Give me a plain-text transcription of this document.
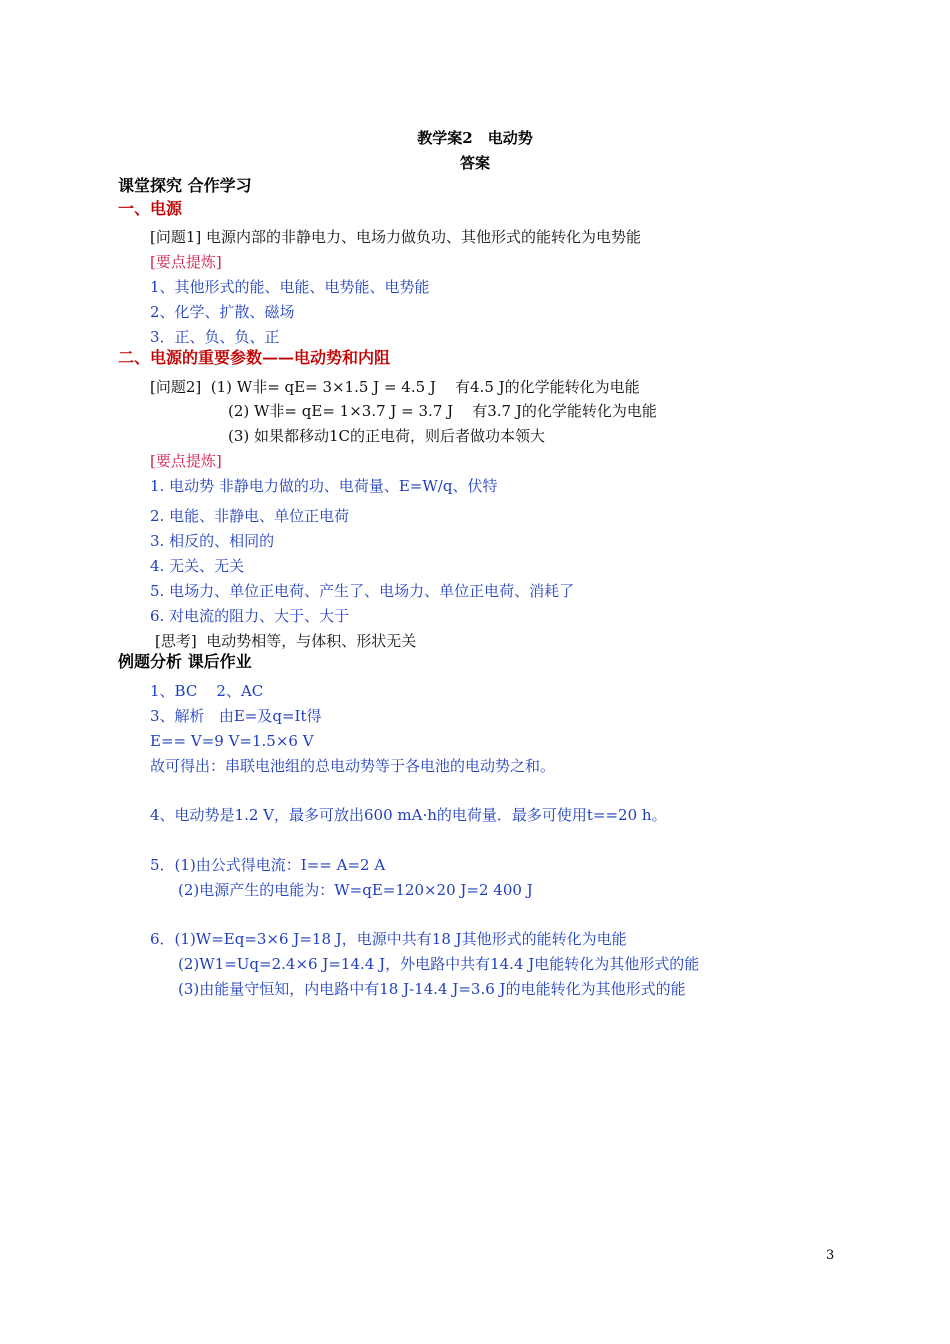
教学案2　电动势
答案
课堂探究 合作学习
一、电源
[问题1] 电源内部的非静电力、电场力做负功、其他形式的能转化为电势能
[要点提炼]
1、其他形式的能、电能、电势能、电势能
2、化学、扩散、磁场
3．正、负、负、正
二、电源的重要参数——电动势和内阻
[问题2]  (1) W非= qE= 3×1.5 J = 4.5 J    有4.5 J的化学能转化为电能
(2) W非= qE= 1×3.7 J = 3.7 J    有3.7 J的化学能转化为电能
(3) 如果都移动1C的正电荷，则后者做功本领大
[要点提炼]
1. 电动势 非静电力做的功、电荷量、E=W/q、伏特
2. 电能、非静电、单位正电荷
3. 相反的、相同的
4. 无关、无关
5. 电场力、单位正电荷、产生了、电场力、单位正电荷、消耗了
6. 对电流的阻力、大于、大于
[思考]  电动势相等，与体积、形状无关
例题分析 课后作业
1、BC    2、AC
3、解析   由E=及q=It得
E== V=9 V=1.5×6 V
故可得出：串联电池组的总电动势等于各电池的电动势之和。
4、电动势是1.2 V，最多可放出600 mA·h的电荷量．最多可使用t==20 h。
5．(1)由公式得电流：I== A=2 A
(2)电源产生的电能为：W=qE=120×20 J=2 400 J
6．(1)W=Eq=3×6 J=18 J，电源中共有18 J其他形式的能转化为电能
(2)W1=Uq=2.4×6 J=14.4 J，外电路中共有14.4 J电能转化为其他形式的能
(3)由能量守恒知，内电路中有18 J-14.4 J=3.6 J的电能转化为其他形式的能
3
